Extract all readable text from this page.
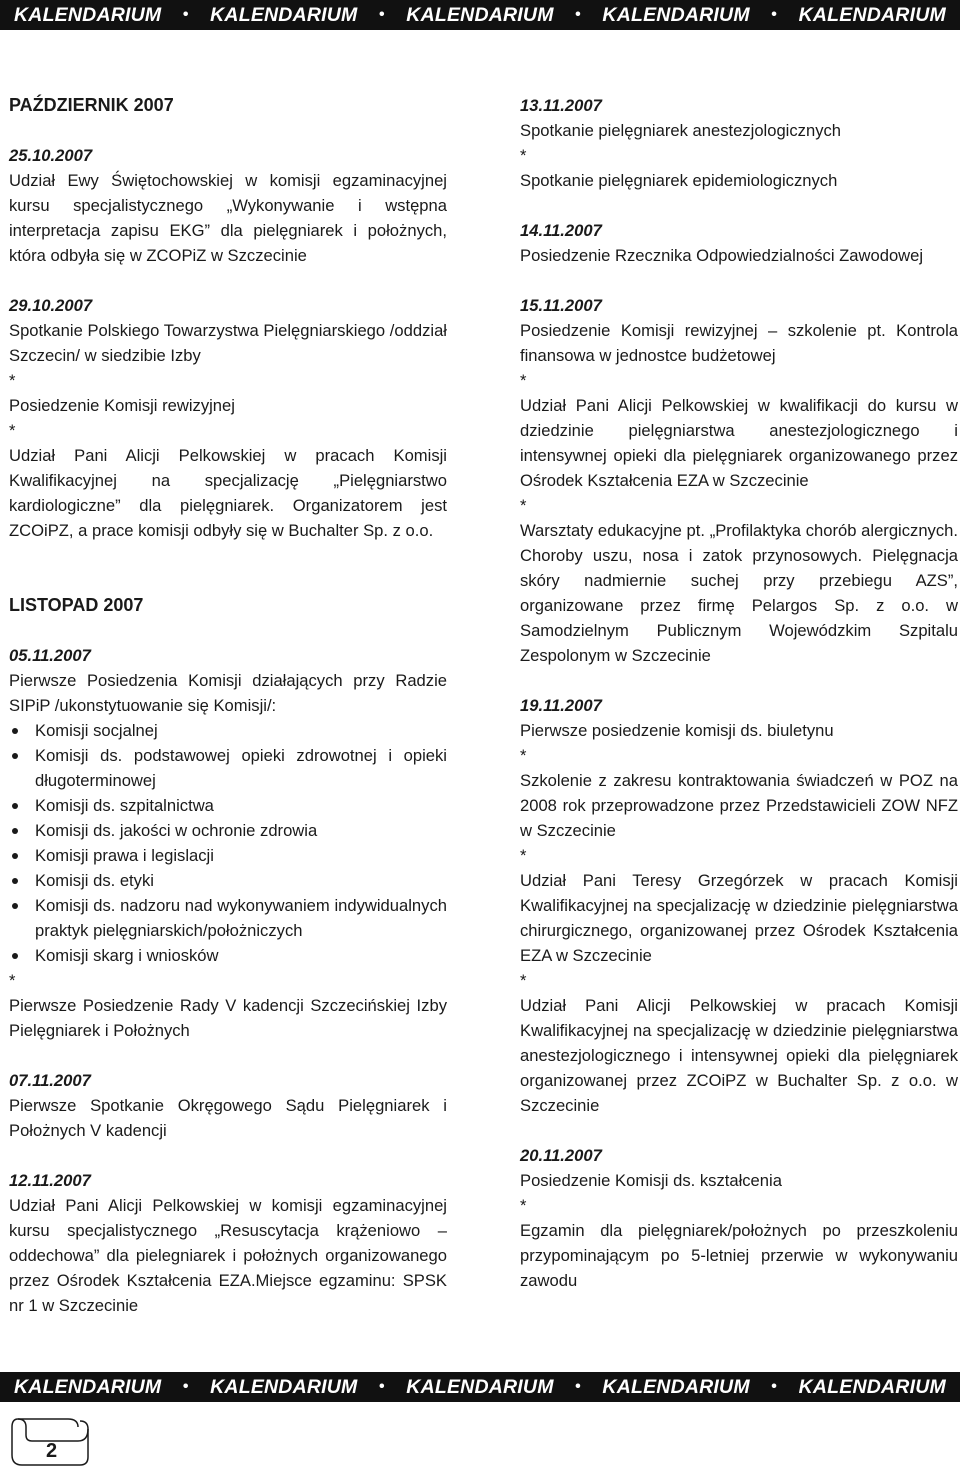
KALENDARIUM • KALENDARIUM • KALENDARIUM • KALENDARIUM • KALENDARIUM

PAŹDZIERNIK 2007

25.10.2007

Udział Ewy Świętochowskiej w komisji egzaminacyjnej kursu specjalistycznego „Wykonywanie i wstępna interpretacja zapisu EKG” dla pielęgniarek i położnych, która odbyła się w ZCOPiZ w Szczecinie

29.10.2007

Spotkanie Polskiego Towarzystwa Pielęgniarskiego /oddział Szczecin/ w siedzibie Izby

*

Posiedzenie Komisji rewizyjnej

*

Udział Pani Alicji Pelkowskiej w pracach Komisji Kwalifikacyjnej na specjalizację „Pielęgniarstwo kardiologiczne” dla pielęgniarek. Organizatorem jest ZCOiPZ, a prace komisji odbyły się w Buchalter Sp. z o.o.

LISTOPAD 2007

05.11.2007

Pierwsze Posiedzenia Komisji działających przy Radzie SIPiP /ukonstytuowanie się Komisji/:

Komisji socjalnej
Komisji ds. podstawowej opieki zdrowotnej i opieki długoterminowej
Komisji ds. szpitalnictwa
Komisji ds. jakości w ochronie zdrowia
Komisji prawa i legislacji
Komisji ds. etyki
Komisji ds. nadzoru nad wykonywaniem indywidualnych praktyk pielęgniarskich/położniczych
Komisji skarg i wniosków

*

Pierwsze Posiedzenie Rady V kadencji Szczecińskiej Izby Pielęgniarek i Położnych

07.11.2007

Pierwsze Spotkanie Okręgowego Sądu Pielęgniarek i Położnych V kadencji

12.11.2007

Udział Pani Alicji Pelkowskiej w komisji egzaminacyjnej kursu specjalistycznego „Resuscytacja krążeniowo – oddechowa” dla pielegniarek i położnych organizowanego przez Ośrodek Kształcenia EZA.Miejsce egzaminu: SPSK nr 1 w Szczecinie

13.11.2007

Spotkanie pielęgniarek anestezjologicznych

*

Spotkanie pielęgniarek epidemiologicznych

14.11.2007

Posiedzenie Rzecznika Odpowiedzialności Zawodowej

15.11.2007

Posiedzenie Komisji rewizyjnej – szkolenie pt. Kontrola finansowa w jednostce budżetowej

*

Udział Pani Alicji Pelkowskiej w kwalifikacji do kursu w dziedzinie pielęgniarstwa anestezjologicznego i intensywnej opieki dla pielęgniarek organizowanego przez Ośrodek Kształcenia EZA w Szczecinie

*

Warsztaty edukacyjne pt. „Profilaktyka chorób alergicznych. Choroby uszu, nosa i zatok przynosowych. Pielęgnacja skóry nadmiernie suchej przy przebiegu AZS”, organizowane przez firmę Pelargos Sp. z o.o. w Samodzielnym Publicznym Wojewódzkim Szpitalu Zespolonym w Szczecinie

19.11.2007

Pierwsze posiedzenie komisji ds. biuletynu

*

Szkolenie z zakresu kontraktowania świadczeń w POZ na 2008 rok przeprowadzone przez Przedstawicieli ZOW NFZ w Szczecinie

*

Udział Pani Teresy Grzegórzek w pracach Komisji Kwalifikacyjnej na specjalizację w dziedzinie pielęgniarstwa chirurgicznego, organizowanej przez Ośrodek Kształcenia EZA w Szczecinie

*

Udział Pani Alicji Pelkowskiej w pracach Komisji Kwalifikacyjnej na specjalizację w dziedzinie pielęgniarstwa anestezjologicznego i intensywnej opieki dla pielęgniarek organizowanej przez ZCOiPZ w Buchalter Sp. z o.o. w Szczecinie

20.11.2007

Posiedzenie Komisji ds. kształcenia

*

Egzamin dla pielęgniarek/położnych po przeszkoleniu przypominającym po 5-letniej przerwie w wykonywaniu zawodu

KALENDARIUM • KALENDARIUM • KALENDARIUM • KALENDARIUM • KALENDARIUM
2
